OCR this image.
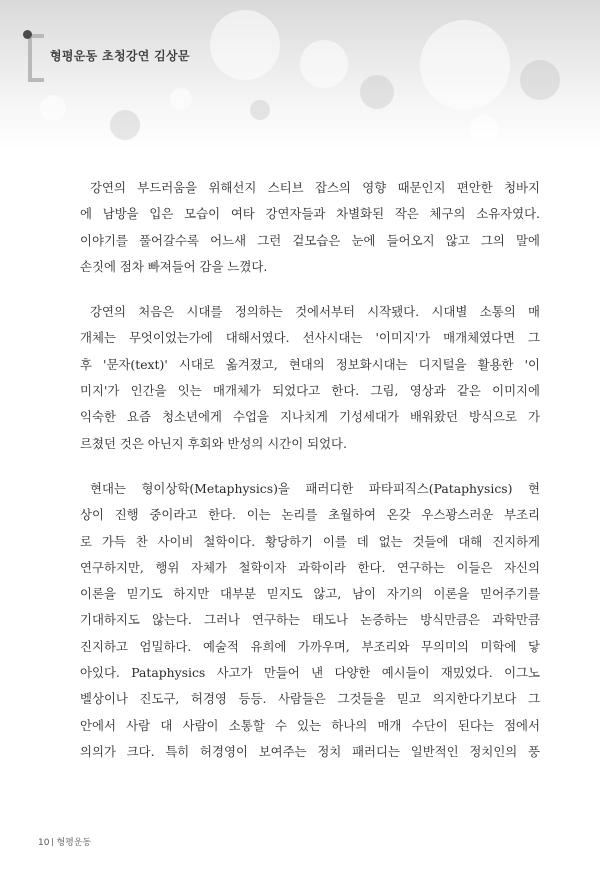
형평운동 초청강연 김상문
강연의 부드러움을 위해선지 스티브 잡스의 영향 때문인지 편안한 청바지
에 남방을 입은 모습이 여타 강연자들과 차별화된 작은 체구의 소유자였다.
이야기를 풀어갈수록 어느새 그런 겉모습은 눈에 들어오지 않고 그의 말에
손짓에 점차 빠져들어 감을 느꼈다.
강연의 처음은 시대를 정의하는 것에서부터 시작됐다. 시대별 소통의 매
개체는 무엇이었는가에 대해서였다. 선사시대는 '이미지'가 매개체였다면 그
후 '문자(text)' 시대로 옮겨졌고, 현대의 정보화시대는 디지털을 활용한 '이
미지'가 인간을 잇는 매개체가 되었다고 한다. 그림, 영상과 같은 이미지에
익숙한 요즘 청소년에게 수업을 지나치게 기성세대가 배워왔던 방식으로 가
르쳤던 것은 아닌지 후회와 반성의 시간이 되었다.
현대는 형이상학(Metaphysics)을 패러디한 파타피직스(Pataphysics) 현
상이 진행 중이라고 한다. 이는 논리를 초월하여 온갖 우스꽝스러운 부조리
로 가득 찬 사이비 철학이다. 황당하기 이를 데 없는 것들에 대해 진지하게
연구하지만, 행위 자체가 철학이자 과학이라 한다. 연구하는 이들은 자신의
이론을 믿기도 하지만 대부분 믿지도 않고, 남이 자기의 이론을 믿어주기를
기대하지도 않는다. 그러나 연구하는 태도나 논증하는 방식만큼은 과학만큼
진지하고 엄밀하다. 예술적 유희에 가까우며, 부조리와 무의미의 미학에 닿
아있다. Pataphysics 사고가 만들어 낸 다양한 예시들이 재밌었다. 이그노
벨상이나 진도구, 허경영 등등. 사람들은 그것들을 믿고 의지한다기보다 그
안에서 사람 대 사람이 소통할 수 있는 하나의 매개 수단이 된다는 점에서
의의가 크다. 특히 허경영이 보여주는 정치 패러디는 일반적인 정치인의 풍
10 형평운동
